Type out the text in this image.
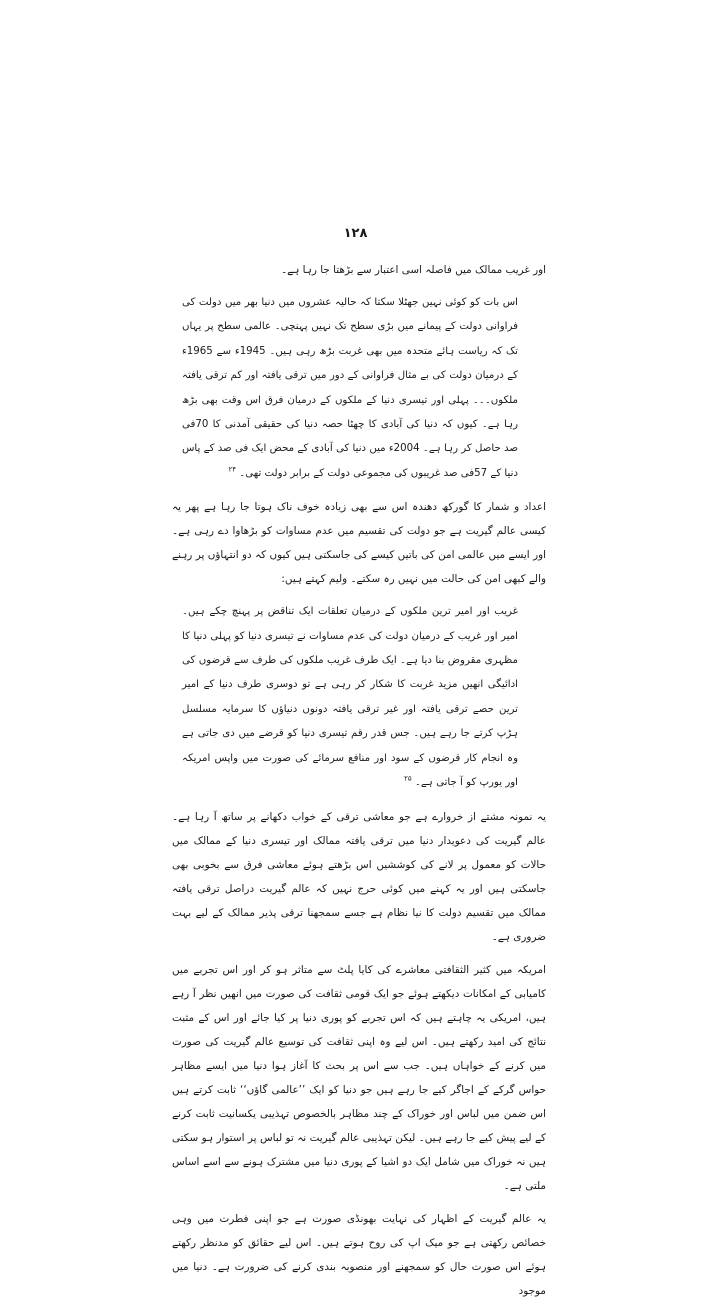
۱۲۸

اور غریب ممالک میں فاصلہ اسی اعتبار سے بڑھتا جا رہا ہے۔

اس بات کو کوئی نہیں جھٹلا سکتا کہ حالیہ عشروں میں دنیا بھر میں دولت کی فراوانی دولت کے پیمانے میں بڑی سطح تک نہیں پہنچی۔ عالمی سطح پر یہاں تک کہ ریاست ہائے متحدہ میں بھی غربت بڑھ رہی ہیں۔ 1945ء سے 1965ء کے درمیان دولت کی بے مثال فراوانی کے دور میں ترقی یافتہ اور کم ترقی یافتہ ملکوں۔۔۔ پہلی اور تیسری دنیا کے ملکوں کے درمیان فرق اس وقت بھی بڑھ رہا ہے۔ کیوں کہ دنیا کی آبادی کا چھٹا حصہ دنیا کی حقیقی آمدنی کا 70فی صد حاصل کر رہا ہے۔ 2004ء میں دنیا کی آبادی کے محض ایک فی صد کے پاس دنیا کے 57فی صد غریبوں کی مجموعی دولت کے برابر دولت تھی۔ $^{۲۴}$

اعداد و شمار کا گورکھ دھندہ اس سے بھی زیادہ خوف ناک ہوتا جا رہا ہے پھر یہ کیسی عالم گیریت ہے جو دولت کی تقسیم میں عدم مساوات کو بڑھاوا دے رہی ہے۔ اور ایسے میں عالمی امن کی باتیں کیسے کی جاسکتی ہیں کیوں کہ دو انتہاؤں پر رہنے والے کبھی امن کی حالت میں نہیں رہ سکتے۔ ولیم کہتے ہیں:

غریب اور امیر ترین ملکوں کے درمیان تعلقات ایک تناقض پر پہنچ چکے ہیں۔ امیر اور غریب کے درمیان دولت کی عدم مساوات نے تیسری دنیا کو پہلی دنیا کا مظہری مقروض بنا دیا ہے۔ ایک طرف غریب ملکوں کی طرف سے قرضوں کی ادائیگی انھیں مزید غربت کا شکار کر رہی ہے تو دوسری طرف دنیا کے امیر ترین حصے ترقی یافتہ اور غیر ترقی یافتہ دونوں دنیاؤں کا سرمایہ مسلسل ہڑپ کرتے جا رہے ہیں۔ جس قدر رقم تیسری دنیا کو قرضے میں دی جاتی ہے وہ انجام کار قرضوں کے سود اور منافع سرمائے کی صورت میں واپس امریکہ اور یورپ کو آ جاتی ہے۔ $^{۲۵}$

یہ نمونہ مشتے از خروارے ہے جو معاشی ترقی کے خواب دکھانے پر ساتھ آ رہا ہے۔ عالم گیریت کی دعویدار دنیا میں ترقی یافتہ ممالک اور تیسری دنیا کے ممالک میں حالات کو معمول پر لانے کی کوششیں اس بڑھتے ہوئے معاشی فرق سے بخوبی بھی جاسکتی ہیں اور یہ کہنے میں کوئی حرج نہیں کہ عالم گیریت دراصل ترقی یافتہ ممالک میں تقسیم دولت کا نیا نظام ہے جسے سمجھنا ترقی پذیر ممالک کے لیے بہت ضروری ہے۔

امریکہ میں کثیر الثقافتی معاشرے کی کایا پلٹ سے متاثر ہو کر اور اس تجربے میں کامیابی کے امکانات دیکھتے ہوئے جو ایک قومی ثقافت کی صورت میں انھیں نظر آ رہے ہیں، امریکی یہ چاہتے ہیں کہ اس تجربے کو پوری دنیا پر کیا جائے اور اس کے مثبت نتائج کی امید رکھتے ہیں۔ اس لیے وہ اپنی ثقافت کی توسیع عالم گیریت کی صورت میں کرنے کے خواہاں ہیں۔ جب سے اس پر بحث کا آغاز ہوا دنیا میں ایسے مظاہر حواس گرکے کے اجاگر کیے جا رہے ہیں جو دنیا کو ایک ’’عالمی گاؤں‘‘ ثابت کرتے ہیں اس ضمن میں لباس اور خوراک کے چند مظاہر بالخصوص تہذیبی یکسانیت ثابت کرنے کے لیے پیش کیے جا رہے ہیں۔ لیکن تہذیبی عالم گیریت نہ تو لباس پر استوار ہو سکتی ہیں نہ خوراک میں شامل ایک دو اشیا کے پوری دنیا میں مشترک ہونے سے اسے اساس ملتی ہے۔

یہ عالم گیریت کے اظہار کی نہایت بھونڈی صورت ہے جو اپنی فطرت میں وہی خصائص رکھتی ہے جو میک اپ کی روح ہوتے ہیں۔ اس لیے حقائق کو مدنظر رکھتے ہوئے اس صورت حال کو سمجھنے اور منصوبہ بندی کرنے کی ضرورت ہے۔ دنیا میں موجود
